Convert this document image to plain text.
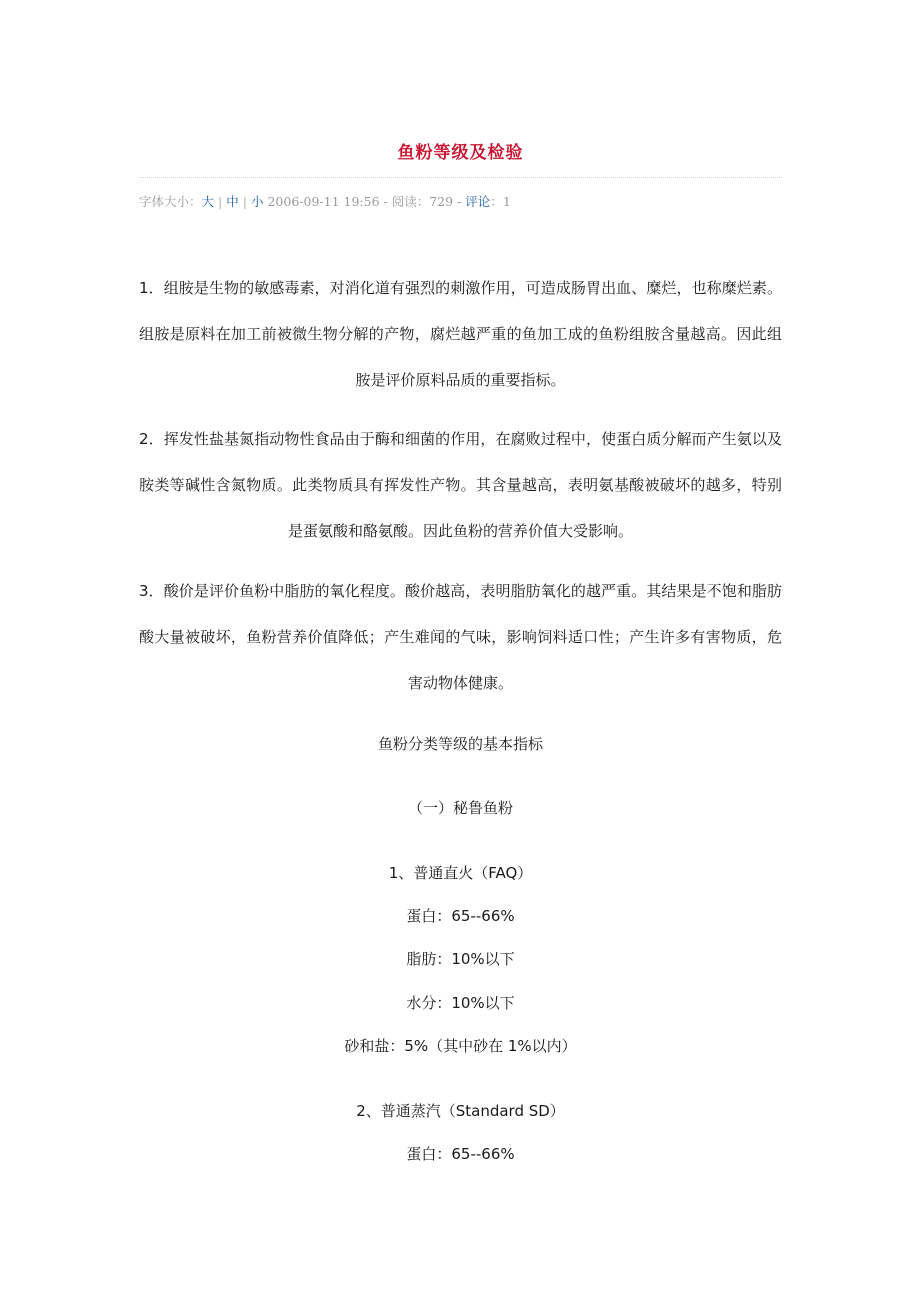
鱼粉等级及检验
字体大小：大 | 中 | 小 2006-09-11 19:56 - 阅读：729 - 评论：1
1．组胺是生物的敏感毒素，对消化道有强烈的刺激作用，可造成肠胃出血、糜烂，也称糜烂素。组胺是原料在加工前被微生物分解的产物，腐烂越严重的鱼加工成的鱼粉组胺含量越高。因此组胺是评价原料品质的重要指标。
2．挥发性盐基氮指动物性食品由于酶和细菌的作用，在腐败过程中，使蛋白质分解而产生氨以及胺类等碱性含氮物质。此类物质具有挥发性产物。其含量越高，表明氨基酸被破坏的越多，特别是蛋氨酸和酪氨酸。因此鱼粉的营养价值大受影响。
3．酸价是评价鱼粉中脂肪的氧化程度。酸价越高，表明脂肪氧化的越严重。其结果是不饱和脂肪酸大量被破坏，鱼粉营养价值降低；产生难闻的气味，影响饲料适口性；产生许多有害物质，危害动物体健康。
鱼粉分类等级的基本指标
（一）秘鲁鱼粉
1、普通直火（FAQ）
蛋白：65--66%
脂肪：10%以下
水分：10%以下
砂和盐：5%（其中砂在 1%以内）
2、普通蒸汽（Standard SD）
蛋白：65--66%
